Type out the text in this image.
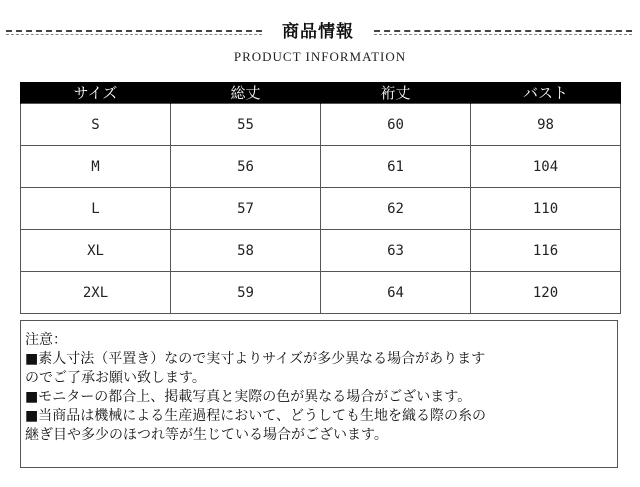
商品情報
PRODUCT INFORMATION
サイズ	総丈	裄丈	バスト
S	55	60	98
M	56	61	104
L	57	62	110
XL	58	63	116
2XL	59	64	120
注意：
■素人寸法（平置き）なので実寸よりサイズが多少異なる場合があります
のでご了承お願い致します。
■モニターの都合上、掲載写真と実際の色が異なる場合がございます。
■当商品は機械による生産過程において、どうしても生地を織る際の糸の
継ぎ目や多少のほつれ等が生じている場合がございます。
